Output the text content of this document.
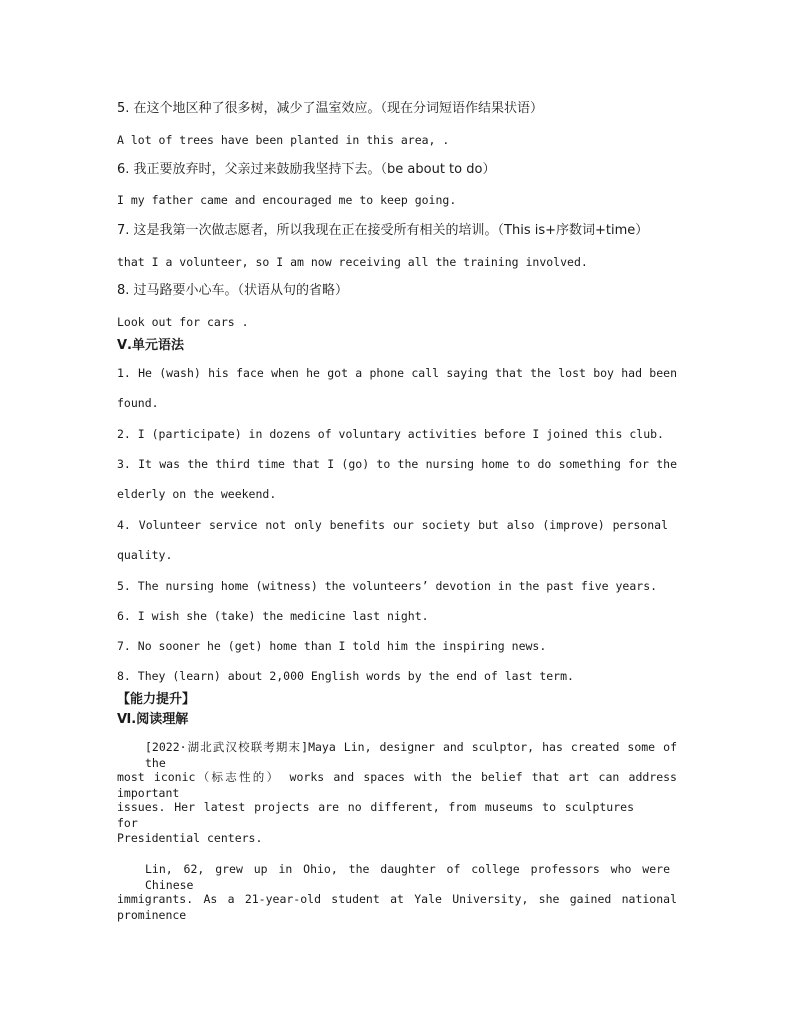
5. 在这个地区种了很多树，减少了温室效应。（现在分词短语作结果状语）
A lot of trees have been planted in this area, .
6. 我正要放弃时，父亲过来鼓励我坚持下去。（be about to do）
I my father came and encouraged me to keep going.
7. 这是我第一次做志愿者，所以我现在正在接受所有相关的培训。（This is+序数词+time）
that I a volunteer, so I am now receiving all the training involved.
8. 过马路要小心车。（状语从句的省略）
Look out for cars .
Ⅴ.单元语法
1. He (wash) his face when he got a phone call saying that the lost boy had been
found.
2. I (participate) in dozens of voluntary activities before I joined this club.
3. It was the third time that I (go) to the nursing home to do something for the
elderly on the weekend.
4. Volunteer service not only benefits our society but also (improve) personal
quality.
5. The nursing home (witness) the volunteers’ devotion in the past five years.
6. I wish she (take) the medicine last night.
7. No sooner he (get) home than I told him the inspiring news.
8. They (learn) about 2,000 English words by the end of last term.
【能力提升】
Ⅵ.阅读理解
[2022·湖北武汉校联考期末]Maya Lin, designer and sculptor, has created some of the
most iconic（标志性的） works and spaces with the belief that art can address important
issues. Her latest projects are no different, from museums to sculptures for
Presidential centers.
Lin, 62, grew up in Ohio, the daughter of college professors who were Chinese
immigrants. As a 21-year-old student at Yale University, she gained national prominence
